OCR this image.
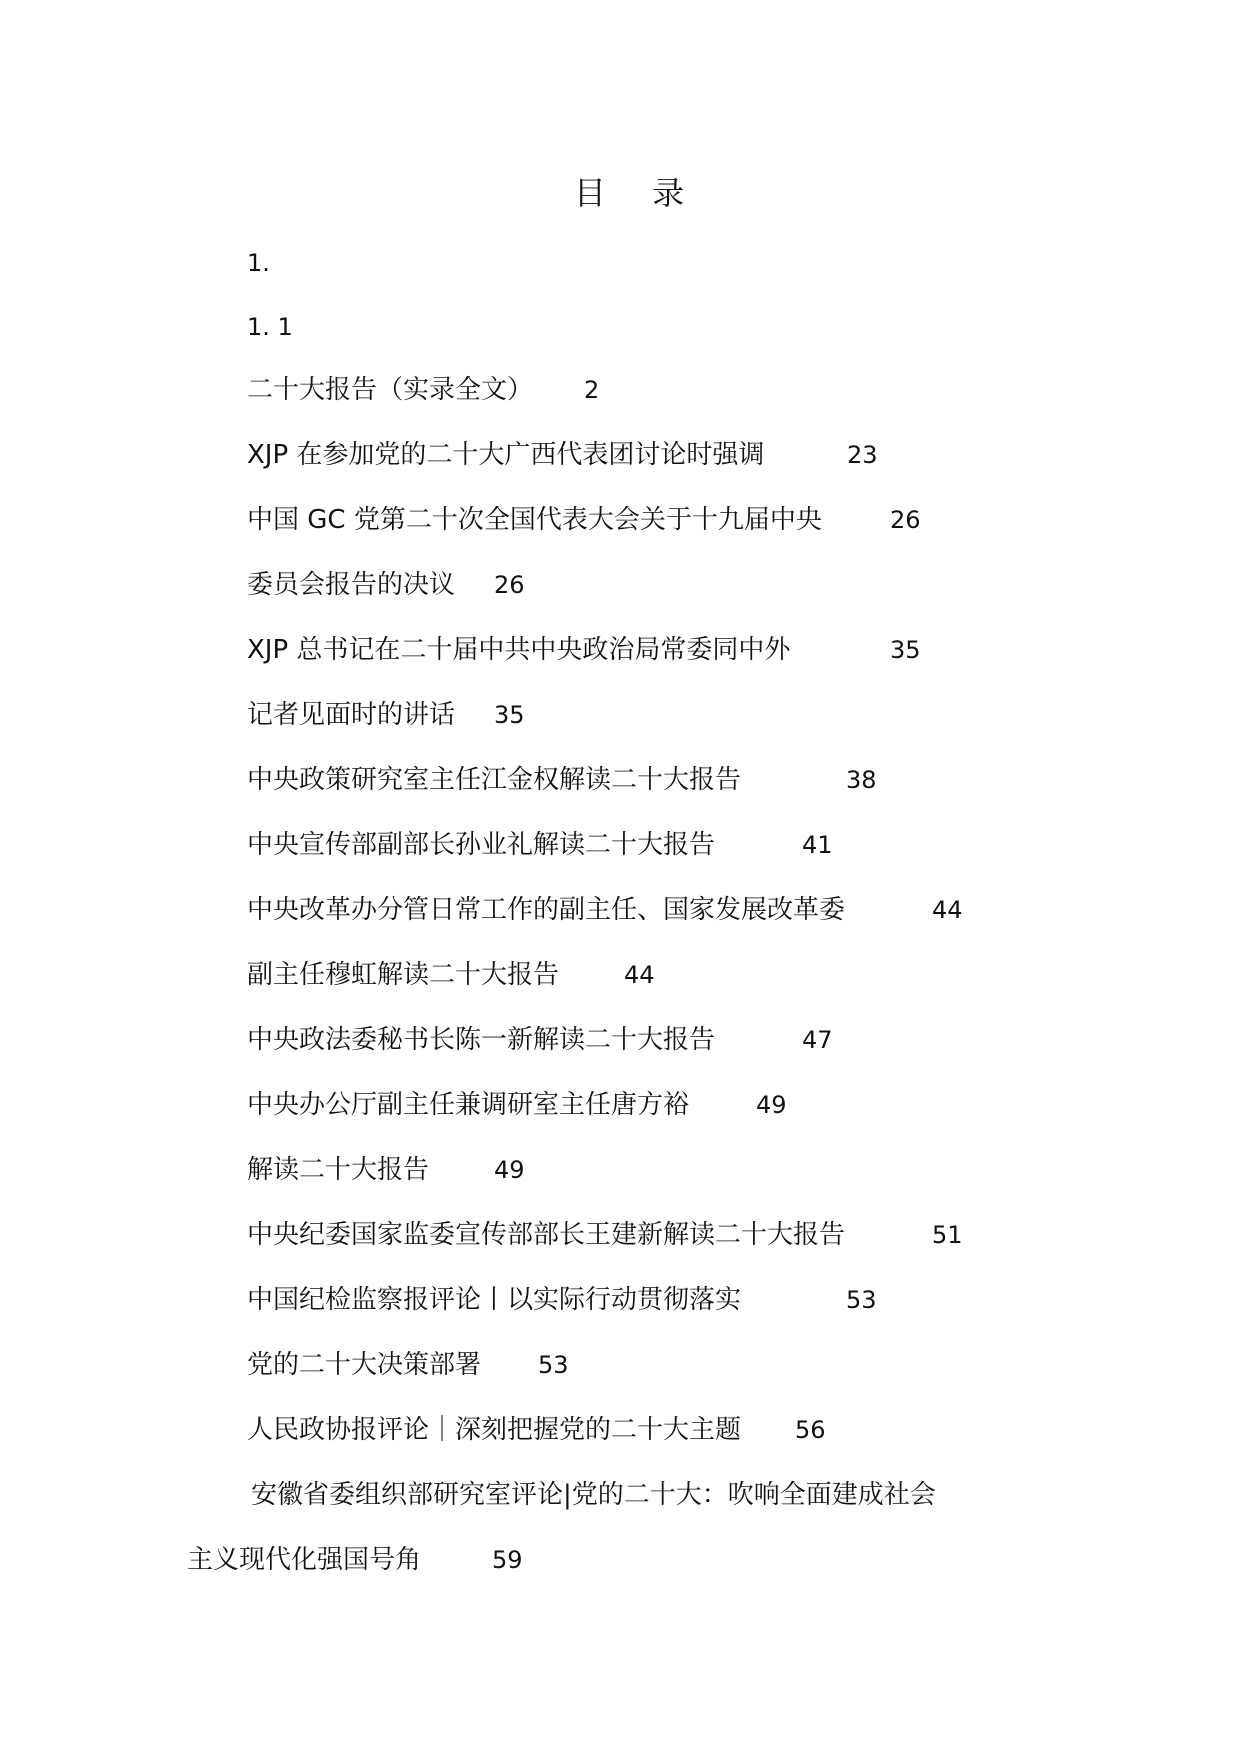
目 录
1.
1. 1
二十大报告（实录全文） 2
XJP 在参加党的二十大广西代表团讨论时强调	23
中国 GC 党第二十次全国代表大会关于十九届中央	26
委员会报告的决议 26
XJP 总书记在二十届中共中央政治局常委同中外	35
记者见面时的讲话 35
中央政策研究室主任江金权解读二十大报告	38
中央宣传部副部长孙业礼解读二十大报告	41
中央改革办分管日常工作的副主任、国家发展改革委	44
副主任穆虹解读二十大报告	44
中央政法委秘书长陈一新解读二十大报告	47
中央办公厅副主任兼调研室主任唐方裕	49
解读二十大报告	49
中央纪委国家监委宣传部部长王建新解读二十大报告	51
中国纪检监察报评论丨以实际行动贯彻落实	53
党的二十大决策部署 53
人民政协报评论｜深刻把握党的二十大主题 56
安徽省委组织部研究室评论|党的二十大：吹响全面建成社会
主义现代化强国号角	59
